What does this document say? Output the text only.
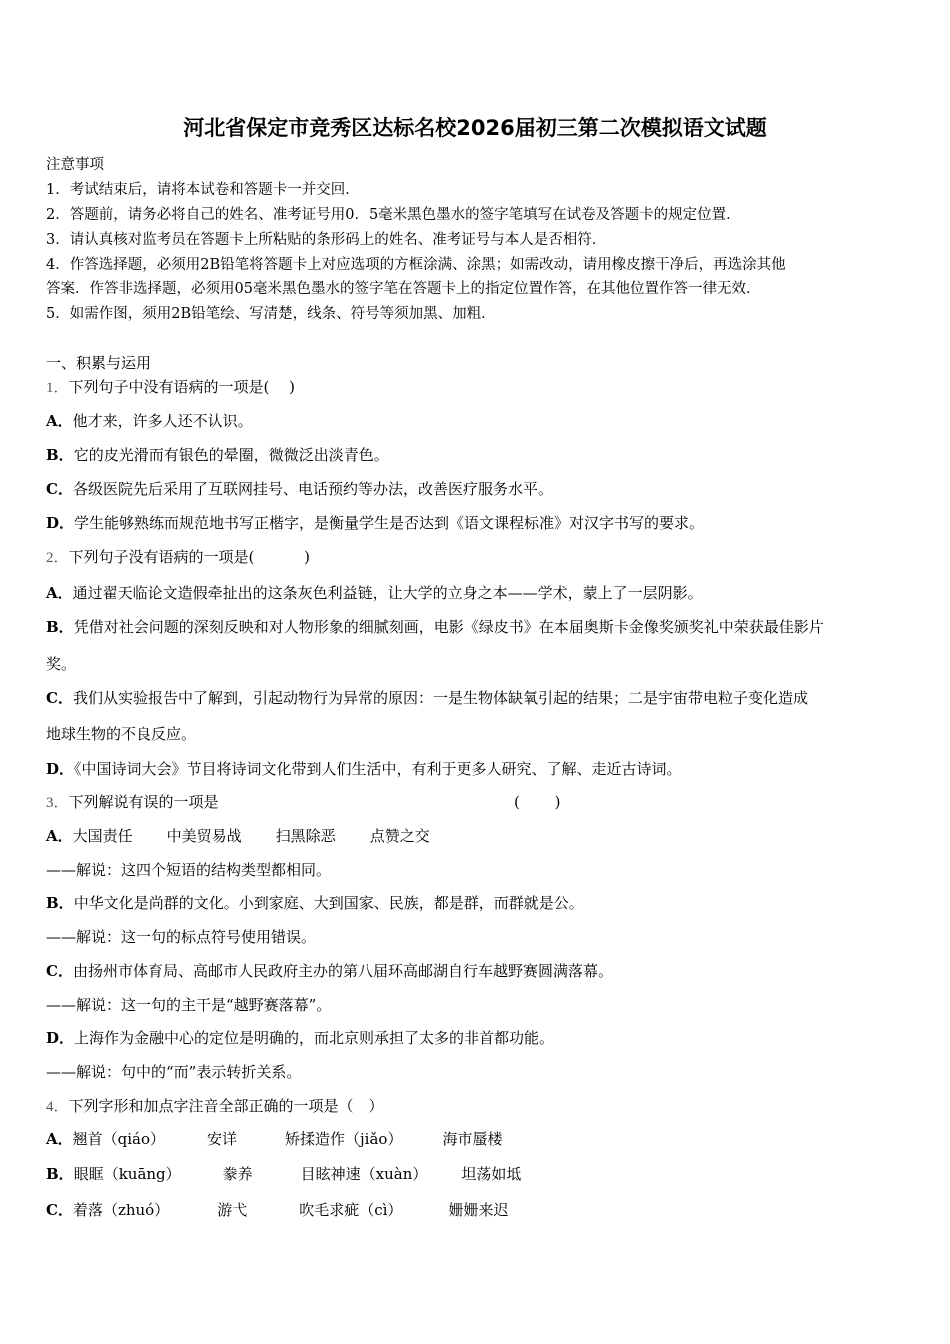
河北省保定市竞秀区达标名校2026届初三第二次模拟语文试题
注意事项
1．考试结束后，请将本试卷和答题卡一并交回．
2．答题前，请务必将自己的姓名、准考证号用0．5毫米黑色墨水的签字笔填写在试卷及答题卡的规定位置．
3．请认真核对监考员在答题卡上所粘贴的条形码上的姓名、准考证号与本人是否相符．
4．作答选择题，必须用2B铅笔将答题卡上对应选项的方框涂满、涂黑；如需改动，请用橡皮擦干净后，再选涂其他
答案．作答非选择题，必须用05毫米黑色墨水的签字笔在答题卡上的指定位置作答，在其他位置作答一律无效．
5．如需作图，须用2B铅笔绘、写清楚，线条、符号等须加黑、加粗．
一、积累与运用
1．下列句子中没有语病的一项是(　 )
A．他才来，许多人还不认识。
B．它的皮光滑而有银色的晕圈，微微泛出淡青色。
C．各级医院先后采用了互联网挂号、电话预约等办法，改善医疗服务水平。
D．学生能够熟练而规范地书写正楷字，是衡量学生是否达到《语文课程标准》对汉字书写的要求。
2．下列句子没有语病的一项是(　　　 )
A．通过翟天临论文造假牵扯出的这条灰色利益链，让大学的立身之本——学术，蒙上了一层阴影。
B．凭借对社会问题的深刻反映和对人物形象的细腻刻画，电影《绿皮书》在本届奥斯卡金像奖颁奖礼中荣获最佳影片
奖。
C．我们从实验报告中了解到，引起动物行为异常的原因：一是生物体缺氧引起的结果；二是宇宙带电粒子变化造成
地球生物的不良反应。
D．《中国诗词大会》节目将诗词文化带到人们生活中，有利于更多人研究、了解、走近古诗词。
3．下列解说有误的一项是	(　　 )
A．大国责任 中美贸易战 扫黑除恶 点赞之交
——解说：这四个短语的结构类型都相同。
B．中华文化是尚群的文化。小到家庭、大到国家、民族，都是群，而群就是公。
——解说：这一句的标点符号使用错误。
C．由扬州市体育局、高邮市人民政府主办的第八届环高邮湖自行车越野赛圆满落幕。
——解说：这一句的主干是“越野赛落幕”。
D．上海作为金融中心的定位是明确的，而北京则承担了太多的非首都功能。
——解说：句中的“而”表示转折关系。
4．下列字形和加点字注音全部正确的一项是（　）
A．翘首（qiáo）	安详	矫揉造作（jiǎo）	海市蜃楼
B．眼眶（kuāng）	豢养	目眩神速（xuàn） 坦荡如坻
C．着落（zhuó）	游弋	吹毛求疵（cì）	姗姗来迟
